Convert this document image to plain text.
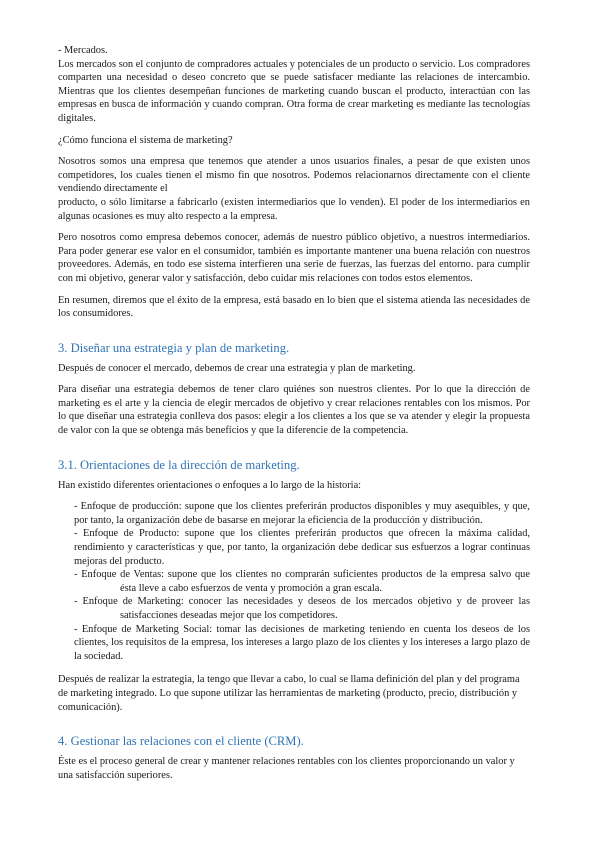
- Mercados.

Los mercados son el conjunto de compradores actuales y potenciales de un producto o servicio. Los compradores comparten una necesidad o deseo concreto que se puede satisfacer mediante las relaciones de intercambio. Mientras que los clientes desempeñan funciones de marketing cuando buscan el producto, interactúan con las empresas en busca de información y cuando compran. Otra forma de crear marketing es mediante las tecnologías digitales.

¿Cómo funciona el sistema de marketing?

Nosotros somos una empresa que tenemos que atender a unos usuarios finales, a pesar de que existen unos competidores, los cuales tienen el mismo fin que nosotros. Podemos relacionarnos directamente con el cliente vendiendo directamente el

producto, o sólo limitarse a fabricarlo (existen intermediarios que lo venden). El poder de los intermediarios en algunas ocasiones es muy alto respecto a la empresa.

Pero nosotros como empresa debemos conocer, además de nuestro público objetivo, a nuestros intermediarios. Para poder generar ese valor en el consumidor, también es importante mantener una buena relación con nuestros proveedores. Además, en todo ese sistema interfieren una serie de fuerzas, las fuerzas del entorno. para cumplir con mi objetivo, generar valor y satisfacción, debo cuidar mis relaciones con todos estos elementos.

En resumen, diremos que el éxito de la empresa, está basado en lo bien que el sistema atienda las necesidades de los consumidores.

3. Diseñar una estrategia y plan de marketing.

Después de conocer el mercado, debemos de crear una estrategia y plan de marketing.

Para diseñar una estrategia debemos de tener claro quiénes son nuestros clientes. Por lo que la dirección de marketing es el arte y la ciencia de elegir mercados de objetivo y crear relaciones rentables con los mismos. Por lo que diseñar una estrategia conlleva dos pasos: elegir a los clientes a los que se va atender y elegir la propuesta de valor con la que se obtenga más beneficios y que la diferencie de la competencia.

3.1. Orientaciones de la dirección de marketing.

Han existido diferentes orientaciones o enfoques a lo largo de la historia:

- Enfoque de producción: supone que los clientes preferirán productos disponibles y muy asequibles, y que, por tanto, la organización debe de basarse en mejorar la eficiencia de la producción y distribución.
- Enfoque de Producto: supone que los clientes preferirán productos que ofrecen la máxima calidad, rendimiento y características y que, por tanto, la organización debe dedicar sus esfuerzos a lograr continuas mejoras del producto.
- Enfoque de Ventas: supone que los clientes no comprarán suficientes productos de la empresa salvo que ésta lleve a cabo esfuerzos de venta y promoción a gran escala.
- Enfoque de Marketing: conocer las necesidades y deseos de los mercados objetivo y de proveer las satisfacciones deseadas mejor que los competidores.
- Enfoque de Marketing Social: tomar las decisiones de marketing teniendo en cuenta los deseos de los clientes, los requisitos de la empresa, los intereses a largo plazo de los clientes y los intereses a largo plazo de la sociedad.

Después de realizar la estrategia, la tengo que llevar a cabo, lo cual se llama definición del plan y del programa de marketing integrado. Lo que supone utilizar las herramientas de marketing (producto, precio, distribución y comunicación).

4. Gestionar las relaciones con el cliente (CRM).

Éste es el proceso general de crear y mantener relaciones rentables con los clientes proporcionando un valor y una satisfacción superiores.
